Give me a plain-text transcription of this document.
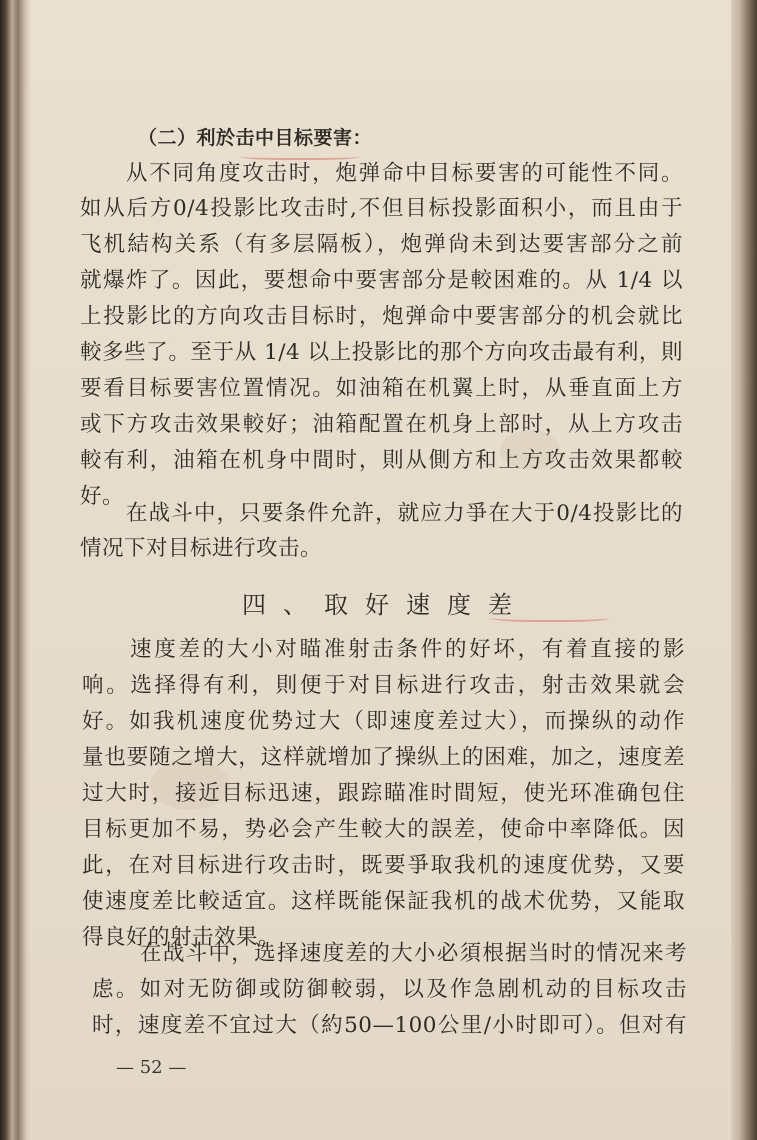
（二）利於击中目标要害：
从不同角度攻击时，炮弹命中目标要害的可能性不同。
如从后方0/4投影比攻击时,不但目标投影面积小，而且由于
飞机結构关系（有多层隔板），炮弹尙未到达要害部分之前
就爆炸了。因此，要想命中要害部分是較困难的。从 1/4 以
上投影比的方向攻击目标时，炮弹命中要害部分的机会就比
較多些了。至于从 1/4 以上投影比的那个方向攻击最有利，則
要看目标要害位置情况。如油箱在机翼上时，从垂直面上方
或下方攻击效果較好；油箱配置在机身上部时，从上方攻击
較有利，油箱在机身中間时，則从側方和上方攻击效果都較
好。
在战斗中，只要条件允許，就应力爭在大于0/4投影比的
情况下对目标进行攻击。
四、取好速度差
速度差的大小对瞄准射击条件的好坏，有着直接的影
响。选择得有利，則便于对目标进行攻击，射击效果就会
好。如我机速度优势过大（即速度差过大），而操纵的动作
量也要随之增大，这样就增加了操纵上的困难，加之，速度差
过大时，接近目标迅速，跟踪瞄准时間短，使光环准确包住
目标更加不易，势必会产生較大的誤差，使命中率降低。因
此，在对目标进行攻击时，既要爭取我机的速度优势，又要
使速度差比較适宜。这样既能保証我机的战术优势，又能取
得良好的射击效果。
在战斗中，选择速度差的大小必須根据当时的情况来考
虑。如对无防御或防御較弱，以及作急剧机动的目标攻击
时，速度差不宜过大（約50—100公里/小时即可）。但对有
— 52 —
